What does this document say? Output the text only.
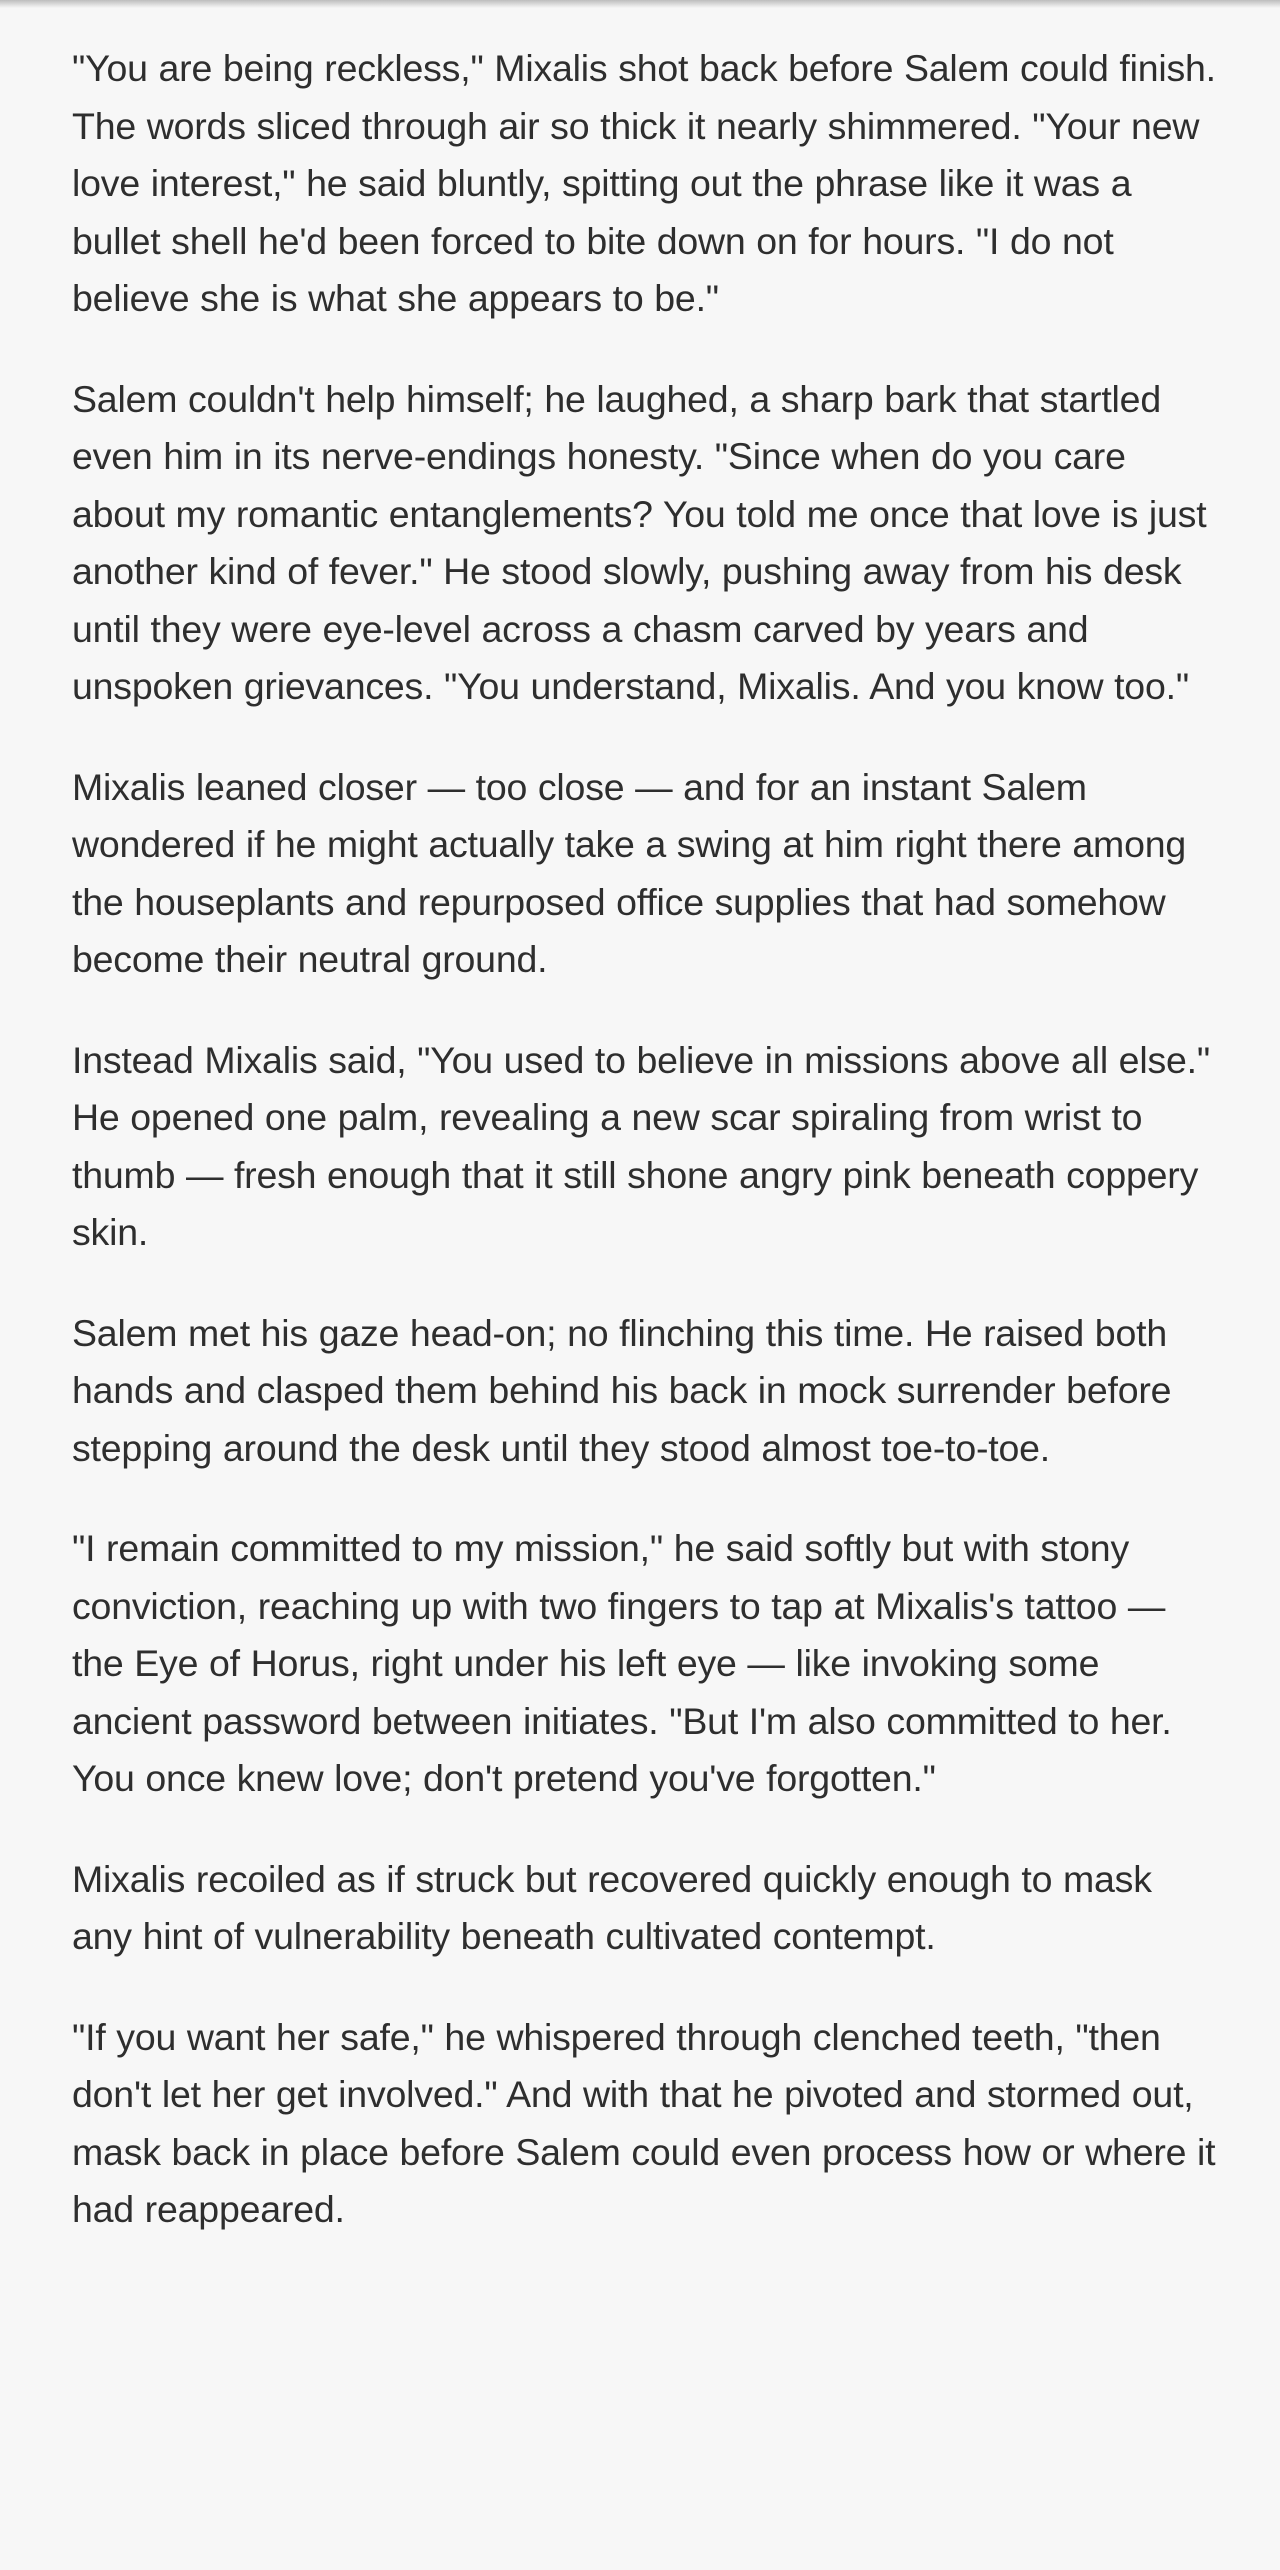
"You are being reckless," Mixalis shot back before Salem could finish. The words sliced through air so thick it nearly shimmered. "Your new love interest," he said bluntly, spitting out the phrase like it was a bullet shell he'd been forced to bite down on for hours. "I do not believe she is what she appears to be."

Salem couldn't help himself; he laughed, a sharp bark that startled even him in its nerve-endings honesty. "Since when do you care about my romantic entanglements? You told me once that love is just another kind of fever." He stood slowly, pushing away from his desk until they were eye-level across a chasm carved by years and unspoken grievances. "You understand, Mixalis. And you know too."

Mixalis leaned closer — too close — and for an instant Salem wondered if he might actually take a swing at him right there among the houseplants and repurposed office supplies that had somehow become their neutral ground.

Instead Mixalis said, "You used to believe in missions above all else." He opened one palm, revealing a new scar spiraling from wrist to thumb — fresh enough that it still shone angry pink beneath coppery skin.

Salem met his gaze head-on; no flinching this time. He raised both hands and clasped them behind his back in mock surrender before stepping around the desk until they stood almost toe-to-toe.

"I remain committed to my mission," he said softly but with stony conviction, reaching up with two fingers to tap at Mixalis's tattoo — the Eye of Horus, right under his left eye — like invoking some ancient password between initiates. "But I'm also committed to her. You once knew love; don't pretend you've forgotten."

Mixalis recoiled as if struck but recovered quickly enough to mask any hint of vulnerability beneath cultivated contempt.

"If you want her safe," he whispered through clenched teeth, "then don't let her get involved." And with that he pivoted and stormed out, mask back in place before Salem could even process how or where it had reappeared.
